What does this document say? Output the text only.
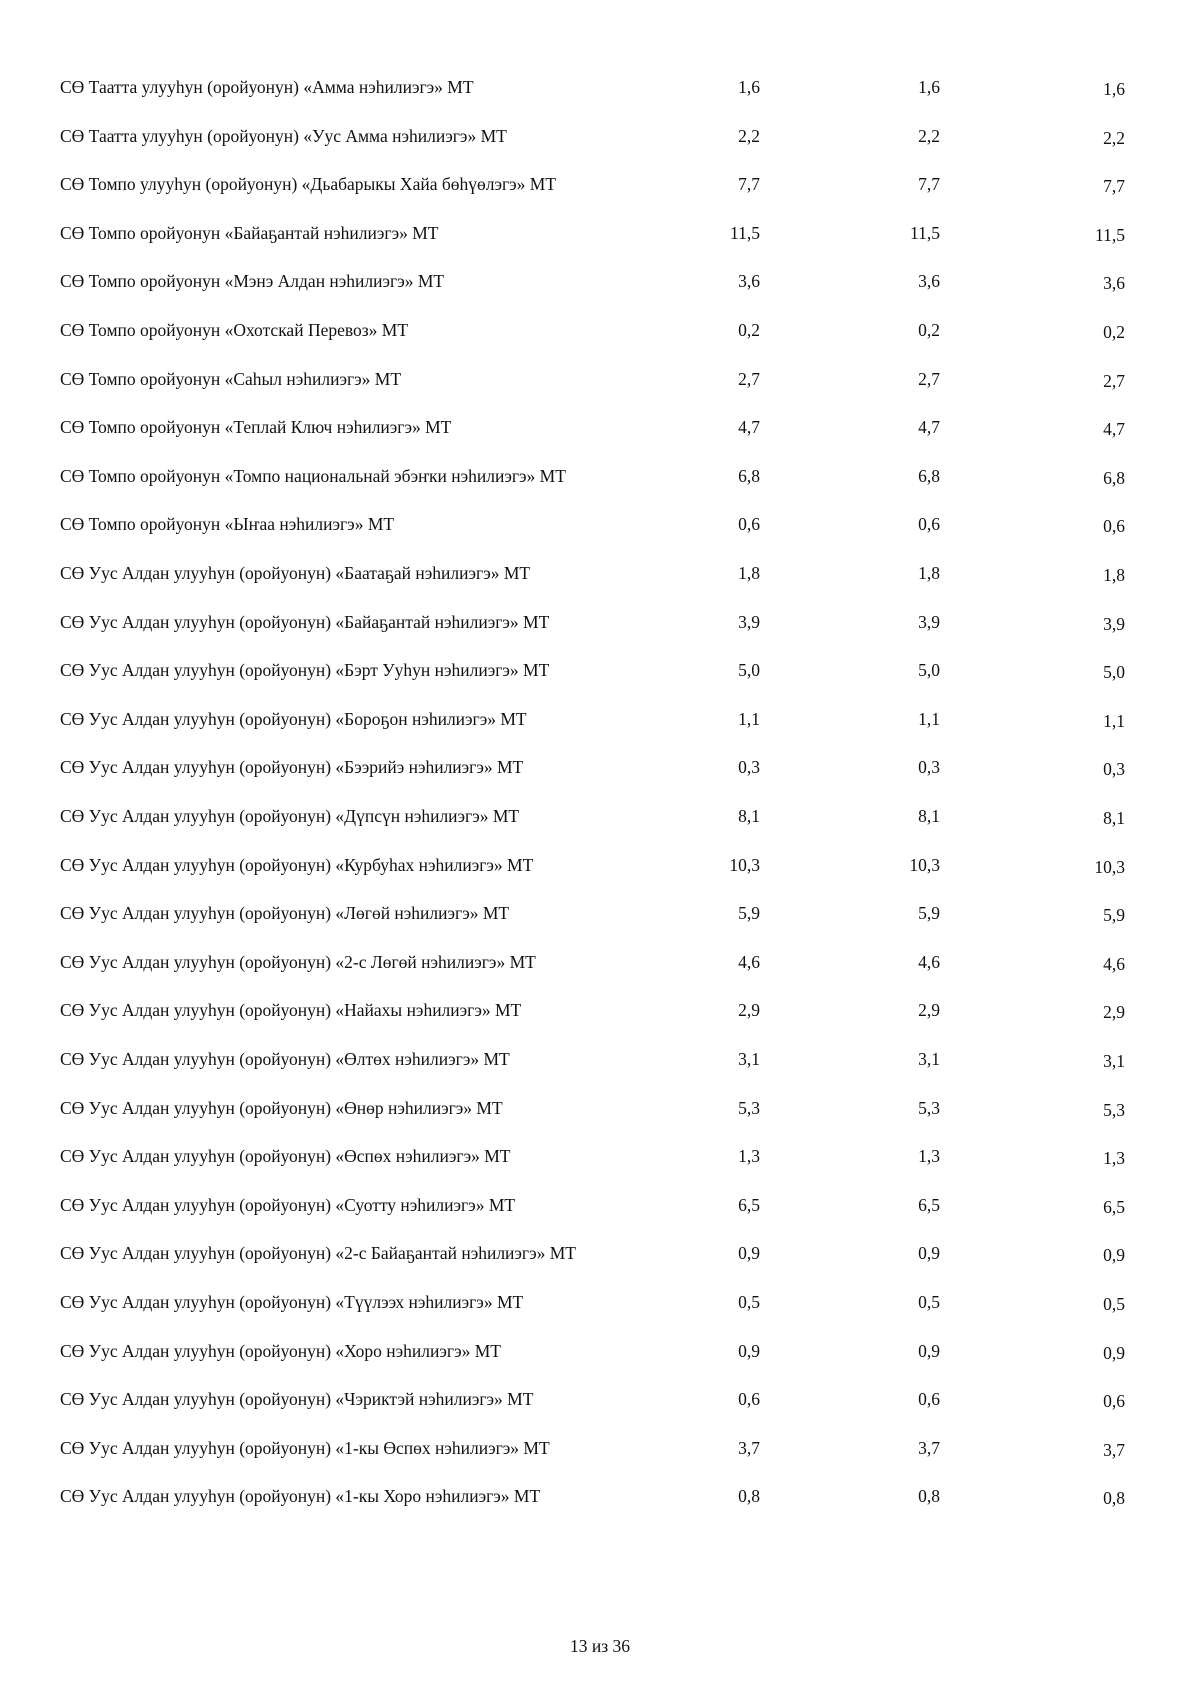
СӨ Таатта улууһун (оройуонун) «Амма нэһилиэгэ» МТ	1,6	1,6	1,6
СӨ Таатта улууһун (оройуонун) «Уус Амма нэһилиэгэ» МТ	2,2	2,2	2,2
СӨ Томпо улууһун (оройуонун) «Дьабарыкы Хайа бөһүөлэгэ» МТ	7,7	7,7	7,7
СӨ Томпо оройуонун «Байаҕантай нэһилиэгэ» МТ	11,5	11,5	11,5
СӨ Томпо оройуонун «Мэнэ Алдан нэһилиэгэ» МТ	3,6	3,6	3,6
СӨ Томпо оройуонун «Охотскай Перевоз» МТ	0,2	0,2	0,2
СӨ Томпо оройуонун «Саһыл нэһилиэгэ» МТ	2,7	2,7	2,7
СӨ Томпо оройуонун «Теплай Ключ нэһилиэгэ» МТ	4,7	4,7	4,7
СӨ Томпо оройуонун «Томпо национальнай эбэҥки нэһилиэгэ» МТ	6,8	6,8	6,8
СӨ Томпо оройуонун «Ыҥаа нэһилиэгэ» МТ	0,6	0,6	0,6
СӨ Уус Алдан улууһун (оройуонун) «Баатаҕай нэһилиэгэ» МТ	1,8	1,8	1,8
СӨ Уус Алдан улууһун (оройуонун) «Байаҕантай нэһилиэгэ» МТ	3,9	3,9	3,9
СӨ Уус Алдан улууһун (оройуонун) «Бэрт Ууһун нэһилиэгэ» МТ	5,0	5,0	5,0
СӨ Уус Алдан улууһун (оройуонун) «Бороҕон нэһилиэгэ» МТ	1,1	1,1	1,1
СӨ Уус Алдан улууһун (оройуонун) «Бээрийэ нэһилиэгэ» МТ	0,3	0,3	0,3
СӨ Уус Алдан улууһун (оройуонун) «Дүпсүн нэһилиэгэ» МТ	8,1	8,1	8,1
СӨ Уус Алдан улууһун (оройуонун) «Курбуһах нэһилиэгэ» МТ	10,3	10,3	10,3
СӨ Уус Алдан улууһун (оройуонун) «Лөгөй нэһилиэгэ» МТ	5,9	5,9	5,9
СӨ Уус Алдан улууһун (оройуонун) «2-с Лөгөй нэһилиэгэ» МТ	4,6	4,6	4,6
СӨ Уус Алдан улууһун (оройуонун) «Найахы нэһилиэгэ» МТ	2,9	2,9	2,9
СӨ Уус Алдан улууһун (оройуонун) «Өлтөх нэһилиэгэ» МТ	3,1	3,1	3,1
СӨ Уус Алдан улууһун (оройуонун) «Өнөр нэһилиэгэ» МТ	5,3	5,3	5,3
СӨ Уус Алдан улууһун (оройуонун) «Өспөх нэһилиэгэ» МТ	1,3	1,3	1,3
СӨ Уус Алдан улууһун (оройуонун) «Суотту нэһилиэгэ» МТ	6,5	6,5	6,5
СӨ Уус Алдан улууһун (оройуонун) «2-с Байаҕантай нэһилиэгэ» МТ	0,9	0,9	0,9
СӨ Уус Алдан улууһун (оройуонун) «Түүлээх нэһилиэгэ» МТ	0,5	0,5	0,5
СӨ Уус Алдан улууһун (оройуонун) «Хоро нэһилиэгэ» МТ	0,9	0,9	0,9
СӨ Уус Алдан улууһун (оройуонун) «Чэриктэй нэһилиэгэ» МТ	0,6	0,6	0,6
СӨ Уус Алдан улууһун (оройуонун) «1-кы Өспөх нэһилиэгэ» МТ	3,7	3,7	3,7
СӨ Уус Алдан улууһун (оройуонун) «1-кы Хоро нэһилиэгэ» МТ	0,8	0,8	0,8
13 из 36
